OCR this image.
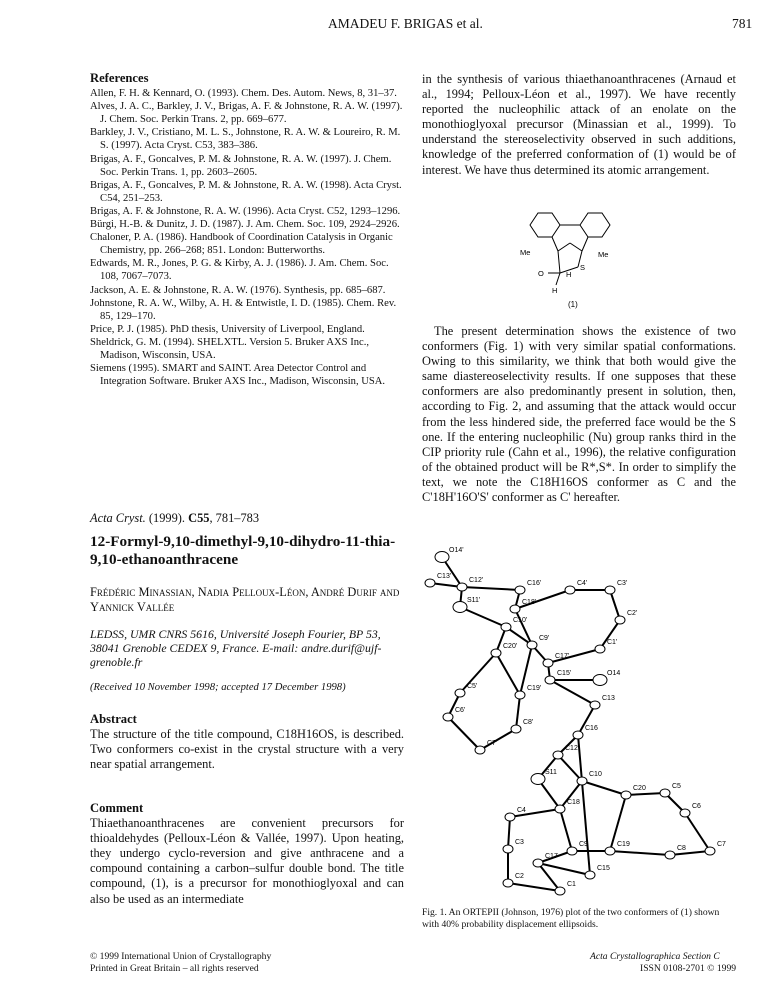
AMADEU F. BRIGAS et al.	781
References

Allen, F. H. & Kennard, O. (1993). Chem. Des. Autom. News, 8, 31–37.

Alves, J. A. C., Barkley, J. V., Brigas, A. F. & Johnstone, R. A. W. (1997). J. Chem. Soc. Perkin Trans. 2, pp. 669–677.

Barkley, J. V., Cristiano, M. L. S., Johnstone, R. A. W. & Loureiro, R. M. S. (1997). Acta Cryst. C53, 383–386.

Brigas, A. F., Goncalves, P. M. & Johnstone, R. A. W. (1997). J. Chem. Soc. Perkin Trans. 1, pp. 2603–2605.

Brigas, A. F., Goncalves, P. M. & Johnstone, R. A. W. (1998). Acta Cryst. C54, 251–253.

Brigas, A. F. & Johnstone, R. A. W. (1996). Acta Cryst. C52, 1293–1296.

Bürgi, H.-B. & Dunitz, J. D. (1987). J. Am. Chem. Soc. 109, 2924–2926.

Chaloner, P. A. (1986). Handbook of Coordination Catalysis in Organic Chemistry, pp. 266–268; 851. London: Butterworths.

Edwards, M. R., Jones, P. G. & Kirby, A. J. (1986). J. Am. Chem. Soc. 108, 7067–7073.

Jackson, A. E. & Johnstone, R. A. W. (1976). Synthesis, pp. 685–687.

Johnstone, R. A. W., Wilby, A. H. & Entwistle, I. D. (1985). Chem. Rev. 85, 129–170.

Price, P. J. (1985). PhD thesis, University of Liverpool, England.

Sheldrick, G. M. (1994). SHELXTL. Version 5. Bruker AXS Inc., Madison, Wisconsin, USA.

Siemens (1995). SMART and SAINT. Area Detector Control and Integration Software. Bruker AXS Inc., Madison, Wisconsin, USA.

Acta Cryst. (1999). C55, 781–783
12-Formyl-9,10-dimethyl-9,10-dihydro-11-thia-9,10-ethanoanthracene
Frédéric Minassian, Nadia Pelloux-Léon, André Durif and Yannick Vallée
LEDSS, UMR CNRS 5616, Université Joseph Fourier, BP 53, 38041 Grenoble CEDEX 9, France. E-mail: andre.durif@ujf-grenoble.fr
(Received 10 November 1998; accepted 17 December 1998)
Abstract

The structure of the title compound, C18H16OS, is described. Two conformers co-exist in the crystal structure with a very near spatial arrangement.

Comment

Thiaethanoanthracenes are convenient precursors for thioaldehydes (Pelloux-Léon & Vallée, 1997). Upon heating, they undergo cyclo-reversion and give anthracene and a compound containing a carbon–sulfur double bond. The title compound, (1), is a precursor for monothioglyoxal and can also be used as an intermediate

in the synthesis of various thiaethanoanthracenes (Arnaud et al., 1994; Pelloux-Léon et al., 1997). We have recently reported the nucleophilic attack of an enolate on the monothioglyoxal precursor (Minassian et al., 1999). To understand the stereoselectivity observed in such additions, knowledge of the preferred conformation of (1) would be of interest. We have thus determined its atomic arrangement.
Me	Me
S
O	H
H
(1)
The present determination shows the existence of two conformers (Fig. 1) with very similar spatial conformations. Owing to this similarity, we think that both would give the same diastereoselectivity results. If one supposes that these conformers are also predominantly present in solution, then, according to Fig. 2, and assuming that the attack would occur from the less hindered side, the preferred face would be the S one. If the entering nucleophilic (Nu) group ranks third in the CIP priority rule (Cahn et al., 1996), the relative configuration of the obtained product will be R*,S*. In order to simplify the text, we note the C18H16OS conformer as C and the C'18H'16O'S' conformer as C' hereafter.
O14'
C12'
C13'
S11'
C16'
C18'
C4'	C3'
C2'
C10'
C9'
C20'
C1'
C17'
C5'
C15'	O14
C19'
C13
C6'
C8'
C16
C12
C7'
S11	C10
C20	C5
C6
C18
C4
C7
C3	C9	C19
C8
C17
C2
C15
C1
Fig. 1. An ORTEPII (Johnson, 1976) plot of the two conformers of (1) shown with 40% probability displacement ellipsoids.
© 1999 International Union of Crystallography
Printed in Great Britain – all rights reserved
Acta Crystallographica Section C
ISSN 0108-2701 © 1999
